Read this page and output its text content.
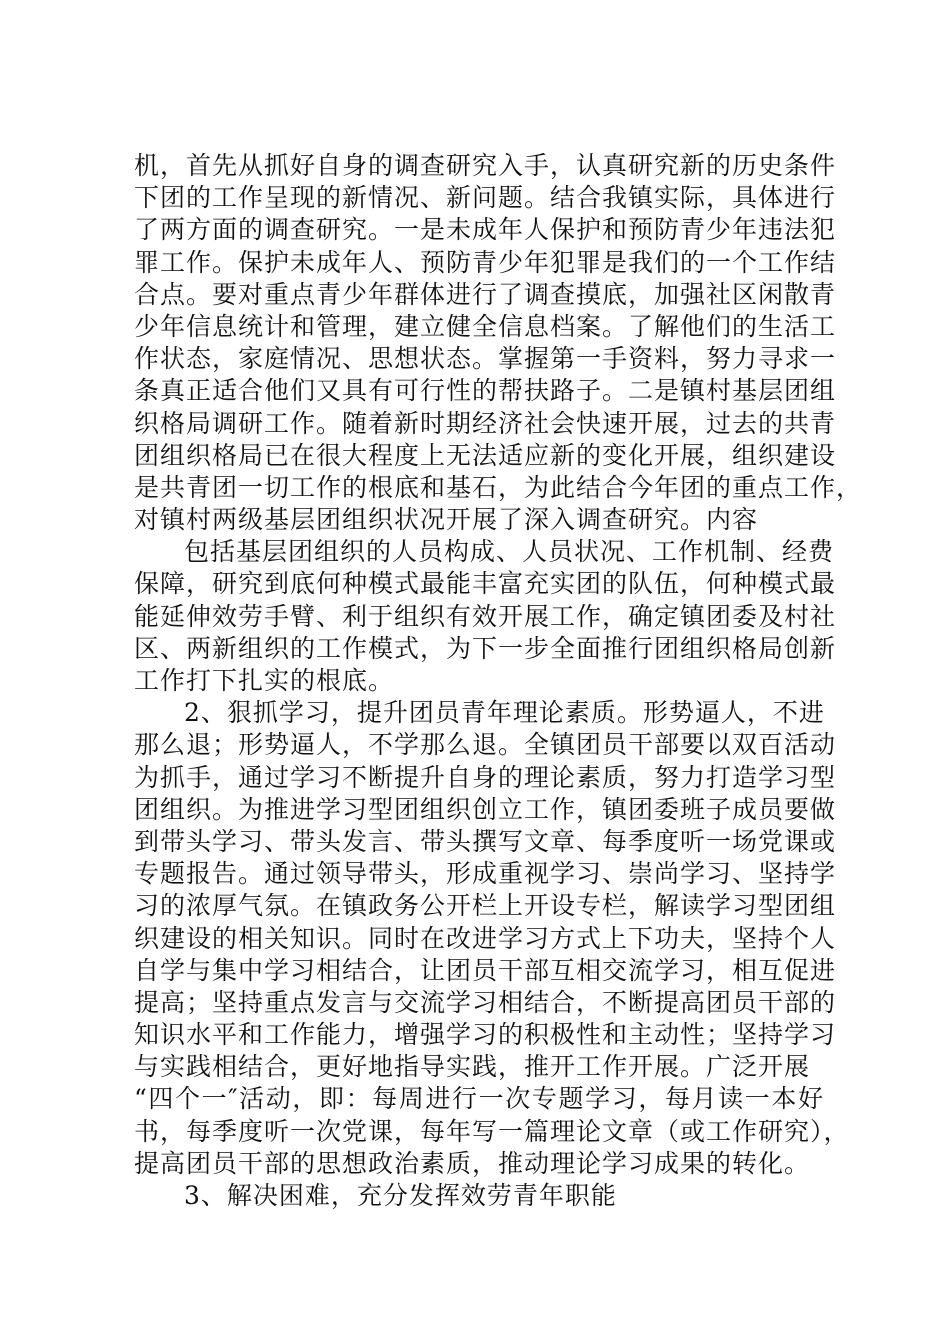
机，首先从抓好自身的调查研究入手，认真研究新的历史条件
下团的工作呈现的新情况、新问题。结合我镇实际，具体进行
了两方面的调查研究。一是未成年人保护和预防青少年违法犯
罪工作。保护未成年人、预防青少年犯罪是我们的一个工作结
合点。要对重点青少年群体进行了调查摸底，加强社区闲散青
少年信息统计和管理，建立健全信息档案。了解他们的生活工
作状态，家庭情况、思想状态。掌握第一手资料，努力寻求一
条真正适合他们又具有可行性的帮扶路子。二是镇村基层团组
织格局调研工作。随着新时期经济社会快速开展，过去的共青
团组织格局已在很大程度上无法适应新的变化开展，组织建设
是共青团一切工作的根底和基石，为此结合今年团的重点工作，
对镇村两级基层团组织状况开展了深入调查研究。内容
包括基层团组织的人员构成、人员状况、工作机制、经费
保障，研究到底何种模式最能丰富充实团的队伍，何种模式最
能延伸效劳手臂、利于组织有效开展工作，确定镇团委及村社
区、两新组织的工作模式，为下一步全面推行团组织格局创新
工作打下扎实的根底。
2、狠抓学习，提升团员青年理论素质。形势逼人，不进
那么退；形势逼人，不学那么退。全镇团员干部要以双百活动
为抓手，通过学习不断提升自身的理论素质，努力打造学习型
团组织。为推进学习型团组织创立工作，镇团委班子成员要做
到带头学习、带头发言、带头撰写文章、每季度听一场党课或
专题报告。通过领导带头，形成重视学习、崇尚学习、坚持学
习的浓厚气氛。在镇政务公开栏上开设专栏，解读学习型团组
织建设的相关知识。同时在改进学习方式上下功夫，坚持个人
自学与集中学习相结合，让团员干部互相交流学习，相互促进
提高；坚持重点发言与交流学习相结合，不断提高团员干部的
知识水平和工作能力，增强学习的积极性和主动性；坚持学习
与实践相结合，更好地指导实践，推开工作开展。广泛开展
“四个一″活动，即：每周进行一次专题学习，每月读一本好
书，每季度听一次党课，每年写一篇理论文章（或工作研究），
提高团员干部的思想政治素质，推动理论学习成果的转化。
3、解决困难，充分发挥效劳青年职能
